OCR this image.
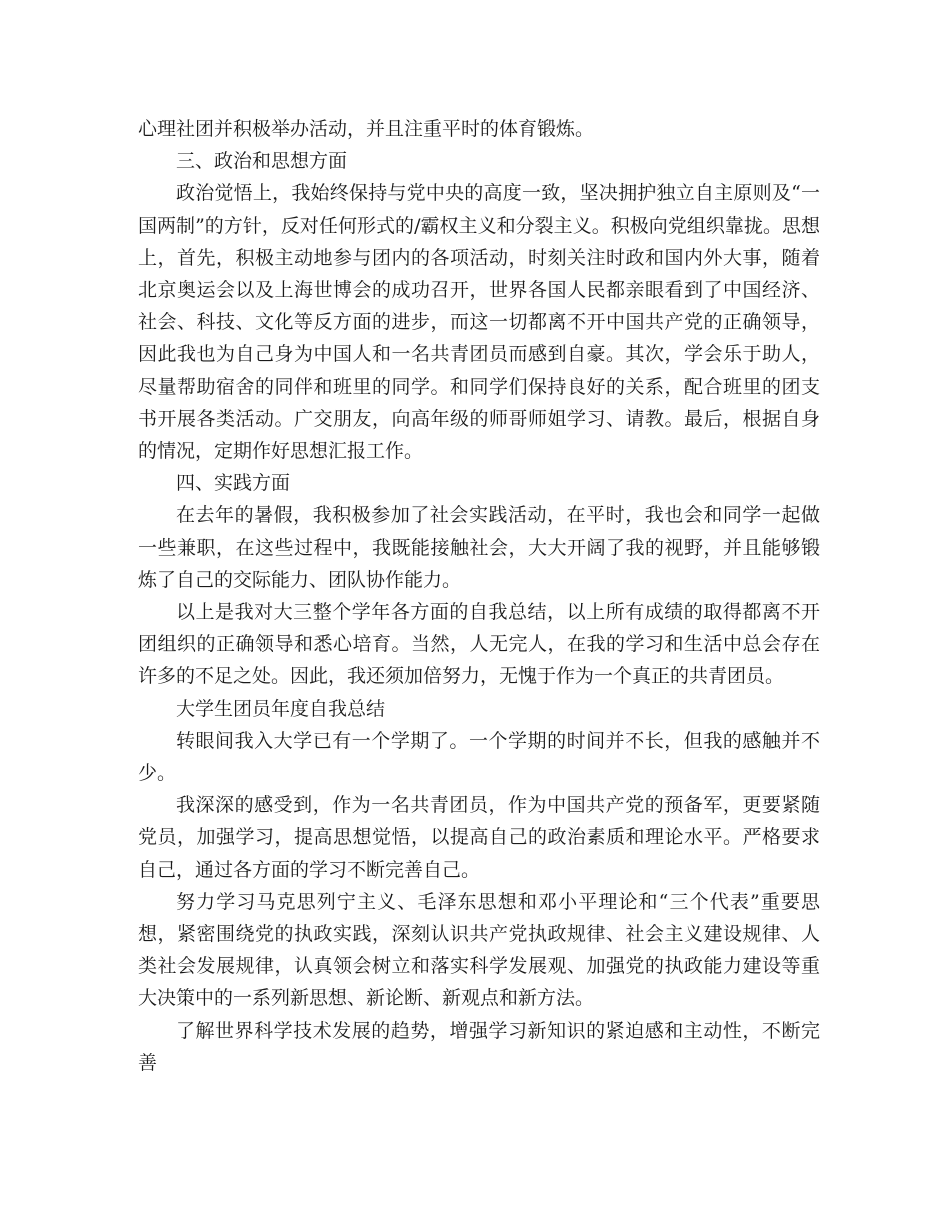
心理社团并积极举办活动，并且注重平时的体育锻炼。

三、政治和思想方面

政治觉悟上，我始终保持与党中央的高度一致，坚决拥护独立自主原则及“一国两制”的方针，反对任何形式的/霸权主义和分裂主义。积极向党组织靠拢。思想上，首先，积极主动地参与团内的各项活动，时刻关注时政和国内外大事，随着北京奥运会以及上海世博会的成功召开，世界各国人民都亲眼看到了中国经济、社会、科技、文化等反方面的进步，而这一切都离不开中国共产党的正确领导，因此我也为自己身为中国人和一名共青团员而感到自豪。其次，学会乐于助人，尽量帮助宿舍的同伴和班里的同学。和同学们保持良好的关系，配合班里的团支书开展各类活动。广交朋友，向高年级的师哥师姐学习、请教。最后，根据自身的情况，定期作好思想汇报工作。

四、实践方面

在去年的暑假，我积极参加了社会实践活动，在平时，我也会和同学一起做一些兼职，在这些过程中，我既能接触社会，大大开阔了我的视野，并且能够锻炼了自己的交际能力、团队协作能力。

以上是我对大三整个学年各方面的自我总结，以上所有成绩的取得都离不开团组织的正确领导和悉心培育。当然，人无完人，在我的学习和生活中总会存在许多的不足之处。因此，我还须加倍努力，无愧于作为一个真正的共青团员。

大学生团员年度自我总结

转眼间我入大学已有一个学期了。一个学期的时间并不长，但我的感触并不少。

我深深的感受到，作为一名共青团员，作为中国共产党的预备军，更要紧随党员，加强学习，提高思想觉悟，以提高自己的政治素质和理论水平。严格要求自己，通过各方面的学习不断完善自己。

努力学习马克思列宁主义、毛泽东思想和邓小平理论和“三个代表”重要思想，紧密围绕党的执政实践，深刻认识共产党执政规律、社会主义建设规律、人类社会发展规律，认真领会树立和落实科学发展观、加强党的执政能力建设等重大决策中的一系列新思想、新论断、新观点和新方法。

了解世界科学技术发展的趋势，增强学习新知识的紧迫感和主动性，不断完善
